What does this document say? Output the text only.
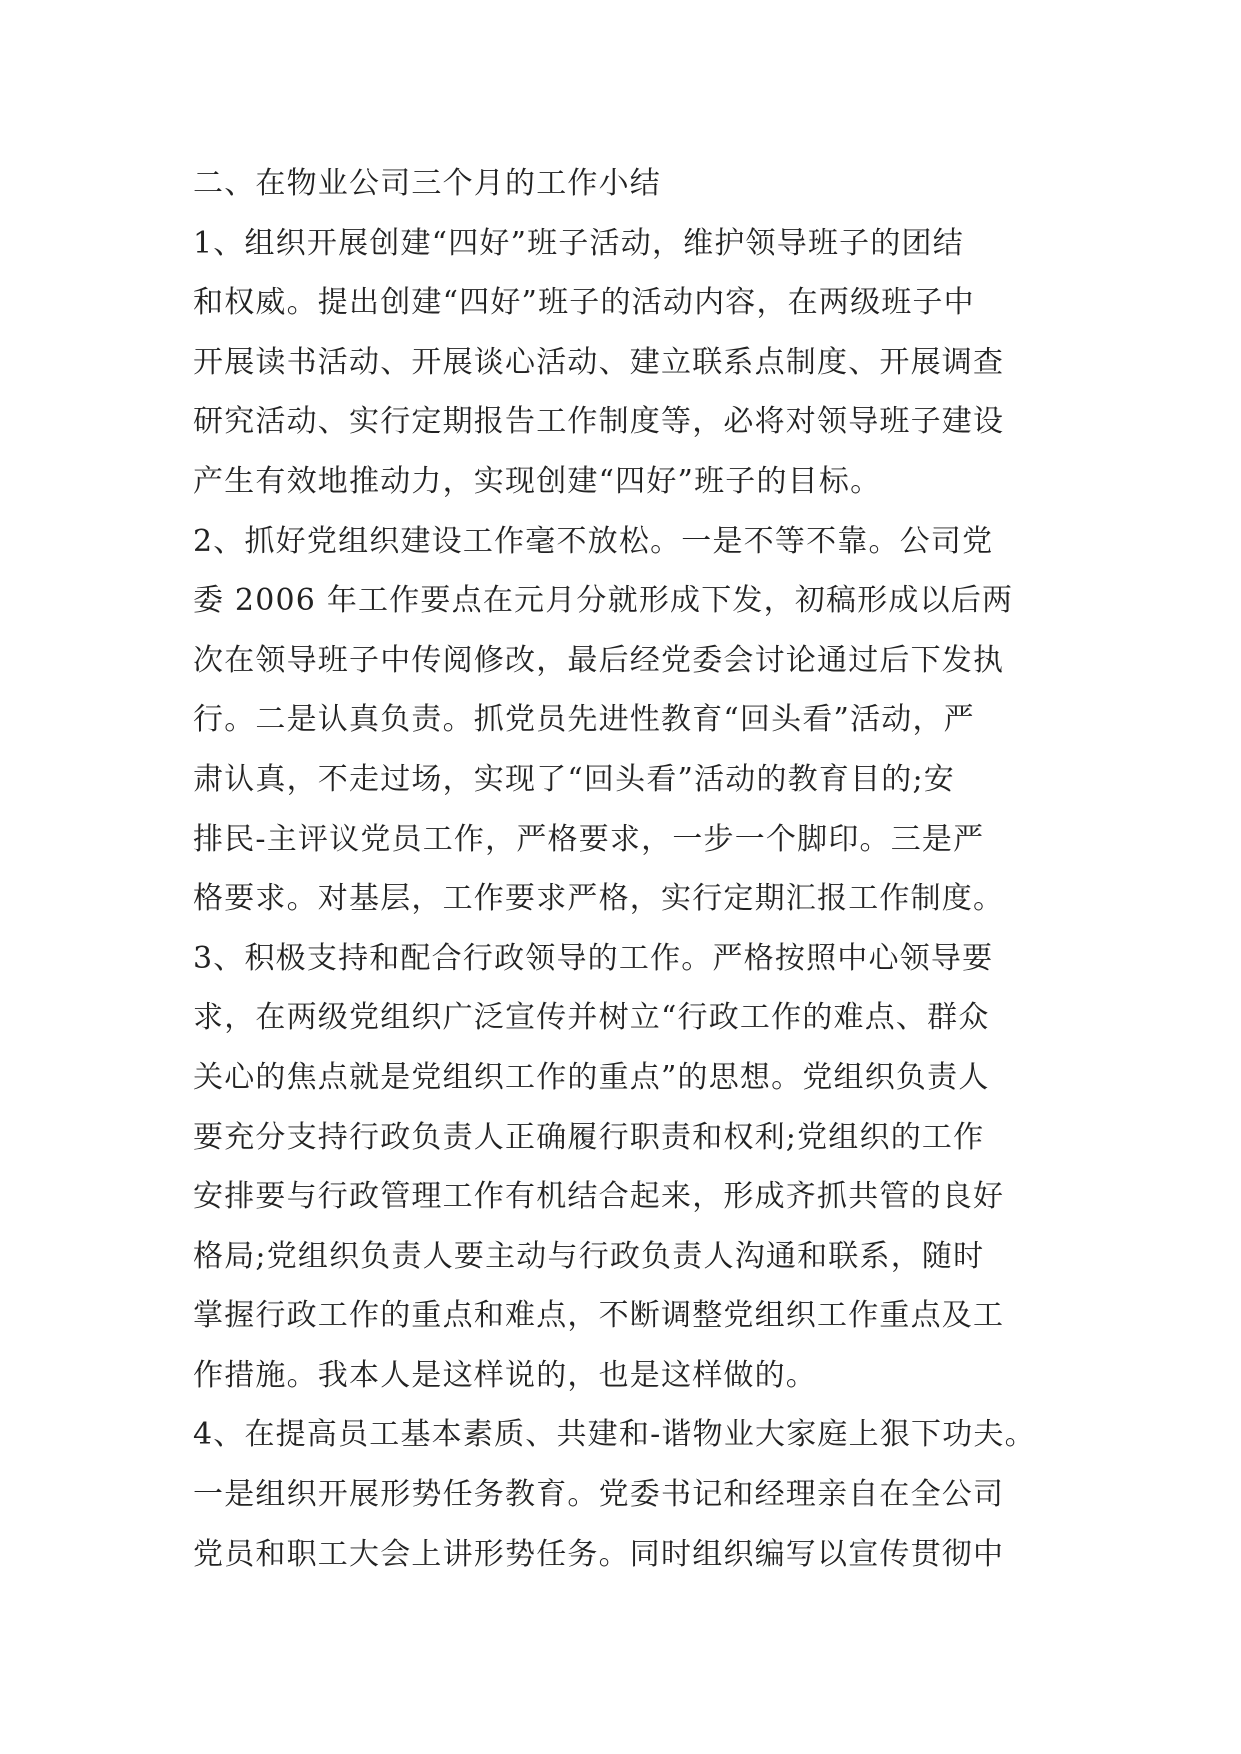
二、在物业公司三个月的工作小结
1、组织开展创建“四好”班子活动，维护领导班子的团结
和权威。提出创建“四好”班子的活动内容，在两级班子中
开展读书活动、开展谈心活动、建立联系点制度、开展调查
研究活动、实行定期报告工作制度等，必将对领导班子建设
产生有效地推动力，实现创建“四好”班子的目标。
2、抓好党组织建设工作毫不放松。一是不等不靠。公司党
委 2006 年工作要点在元月分就形成下发，初稿形成以后两
次在领导班子中传阅修改，最后经党委会讨论通过后下发执
行。二是认真负责。抓党员先进性教育“回头看”活动，严
肃认真，不走过场，实现了“回头看”活动的教育目的;安
排民-主评议党员工作，严格要求，一步一个脚印。三是严
格要求。对基层，工作要求严格，实行定期汇报工作制度。
3、积极支持和配合行政领导的工作。严格按照中心领导要
求，在两级党组织广泛宣传并树立“行政工作的难点、群众
关心的焦点就是党组织工作的重点”的思想。党组织负责人
要充分支持行政负责人正确履行职责和权利;党组织的工作
安排要与行政管理工作有机结合起来，形成齐抓共管的良好
格局;党组织负责人要主动与行政负责人沟通和联系，随时
掌握行政工作的重点和难点，不断调整党组织工作重点及工
作措施。我本人是这样说的，也是这样做的。
4、在提高员工基本素质、共建和-谐物业大家庭上狠下功夫。
一是组织开展形势任务教育。党委书记和经理亲自在全公司
党员和职工大会上讲形势任务。同时组织编写以宣传贯彻中
